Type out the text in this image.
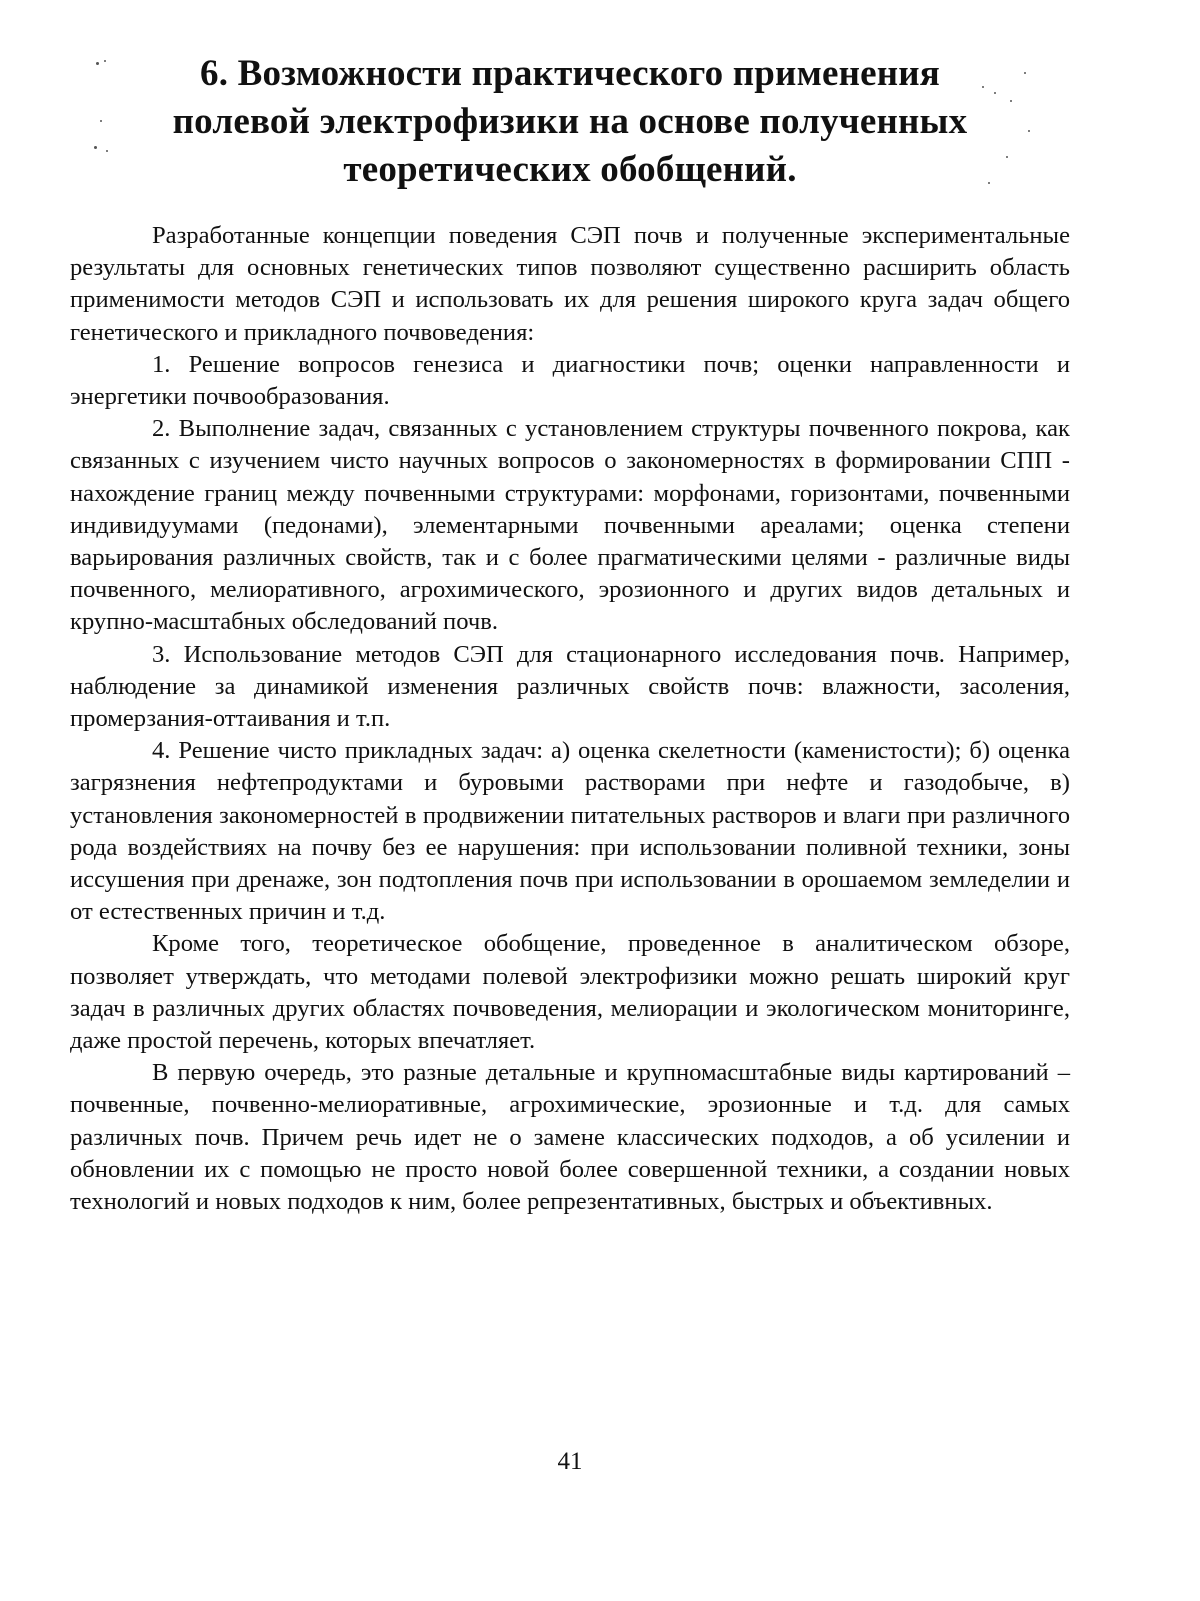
6. Возможности практического применения
полевой электрофизики на основе полученных
теоретических обобщений.

Разработанные концепции поведения СЭП почв и полученные экспериментальные результаты для основных генетических типов позволяют существенно расширить область применимости методов СЭП и использовать их для решения широкого круга задач общего генетического и прикладного почвоведения:

1. Решение вопросов генезиса и диагностики почв; оценки направленности и энергетики почвообразования.

2. Выполнение задач, связанных с установлением структуры почвенного покрова, как связанных с изучением чисто научных вопросов о закономерностях в формировании СПП - нахождение границ между почвенными структурами: морфонами, горизонтами, почвенными индивидуумами (педонами), элементарными почвенными ареалами; оценка степени варьирования различных свойств, так и с более прагматическими целями - различные виды почвенного, мелиоративного, агрохимического, эрозионного и других видов детальных и крупно-масштабных обследований почв.

3. Использование методов СЭП для стационарного исследования почв. Например, наблюдение за динамикой изменения различных свойств почв: влажности, засоления, промерзания-оттаивания и т.п.

4. Решение чисто прикладных задач: а) оценка скелетности (каменистости); б) оценка загрязнения нефтепродуктами и буровыми растворами при нефте и газодобыче, в) установления закономерностей в продвижении питательных растворов и влаги при различного рода воздействиях на почву без ее нарушения: при использовании поливной техники, зоны иссушения при дренаже, зон подтопления почв при использовании в орошаемом земледелии и от естественных причин и т.д.

Кроме того, теоретическое обобщение, проведенное в аналитическом обзоре, позволяет утверждать, что методами полевой электрофизики можно решать широкий круг задач в различных других областях почвоведения, мелиорации и экологическом мониторинге, даже простой перечень, которых впечатляет.

В первую очередь, это разные детальные и крупномасштабные виды картирований – почвенные, почвенно-мелиоративные, агрохимические, эрозионные и т.д. для самых различных почв. Причем речь идет не о замене классических подходов, а об усилении и обновлении их с помощью не просто новой более совершенной техники, а создании новых технологий и новых подходов к ним, более репрезентативных, быстрых и объективных.

41
